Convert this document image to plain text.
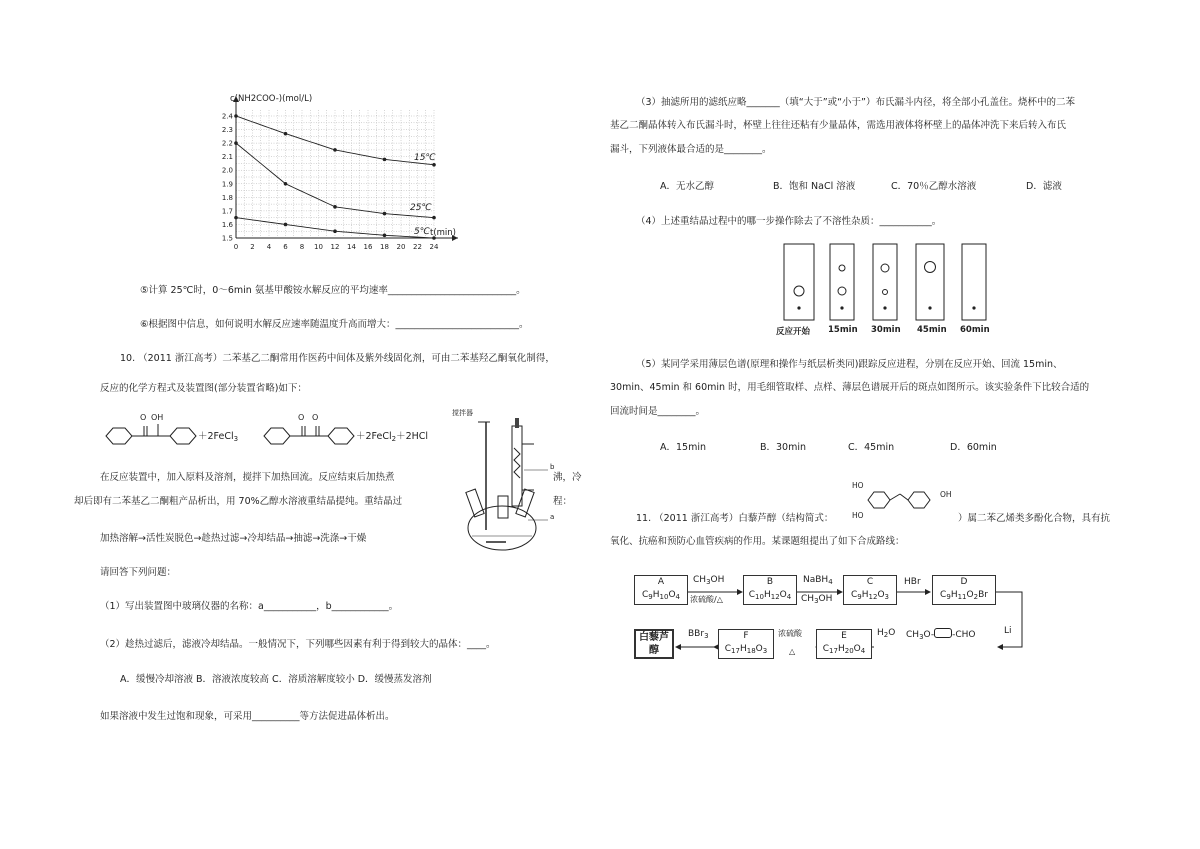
0 2 4 6 8 10 12 14 16 18 20 22 24
1.5
1.6
1.7
1.8
1.9
2.0
2.1
2.2
2.3
2.4
c(NH2COO-)(mol/L)
t(min)
15℃
25℃
5℃
⑤计算 25℃时，0～6min 氨基甲酸铵水解反应的平均速率___________________________。
⑥根据图中信息，如何说明水解反应速率随温度升高而增大：__________________________。
10. （2011 浙江高考）二苯基乙二酮常用作医药中间体及紫外线固化剂，可由二苯基羟乙酮氧化制得，
反应的化学方程式及装置图(部分装置省略)如下：
O OH	O O
＋2FeCl$_3$	＋2FeCl$_2$＋2HCl
搅拌器
b
a
在反应装置中，加入原料及溶剂，搅拌下加热回流。反应结束后加热煮	沸，冷
却后即有二苯基乙二酮粗产品析出，用 70%乙醇水溶液重结晶提纯。重结晶过	程：
加热溶解→活性炭脱色→趁热过滤→冷却结晶→抽滤→洗涤→干燥
请回答下列问题：
（1）写出装置图中玻璃仪器的名称：a___________，b____________。
（2）趁热过滤后，滤液冷却结晶。一般情况下，下列哪些因素有利于得到较大的晶体：____。
A．缓慢冷却溶液 B．溶液浓度较高 C．溶质溶解度较小 D．缓慢蒸发溶剂
如果溶液中发生过饱和现象，可采用__________等方法促进晶体析出。
（3）抽滤所用的滤纸应略_______（填“大于”或“小于”）布氏漏斗内径，将全部小孔盖住。烧杯中的二苯
基乙二酮晶体转入布氏漏斗时，杯壁上往往还粘有少量晶体，需选用液体将杯壁上的晶体冲洗下来后转入布氏
漏斗，下列液体最合适的是________。
A．无水乙醇	B．饱和 NaCl 溶液	C．70％乙醇水溶液	D．滤液
（4）上述重结晶过程中的哪一步操作除去了不溶性杂质：___________。
反应开始 15min 30min 45min 60min
（5）某同学采用薄层色谱(原理和操作与纸层析类同)跟踪反应进程，分别在反应开始、回流 15min、
30min、45min 和 60min 时，用毛细管取样、点样、薄层色谱展开后的斑点如图所示。该实验条件下比较合适的
回流时间是________。
A．15min	B．30min	C．45min	D．60min
HO
HO
OH
11. （2011 浙江高考）白藜芦醇（结构简式：	）属二苯乙烯类多酚化合物，具有抗
氧化、抗癌和预防心血管疾病的作用。某课题组提出了如下合成路线：
A
$C_9H_{10}O_4$
B
$C_{10}H_{12}O_4$
C
$C_9H_{12}O_3$
D
$C_9H_{11}O_2Br$
白藜芦醇
F
$C_{17}H_{18}O_3$
E
$C_{17}H_{20}O_4$
$CH_3OH$
浓硫酸/△
NaBH$_4$
$CH_3OH$
HBr
Li
$H_2O$ $CH_3O-$ -CHO
浓硫酸
△
BBr$_3$
